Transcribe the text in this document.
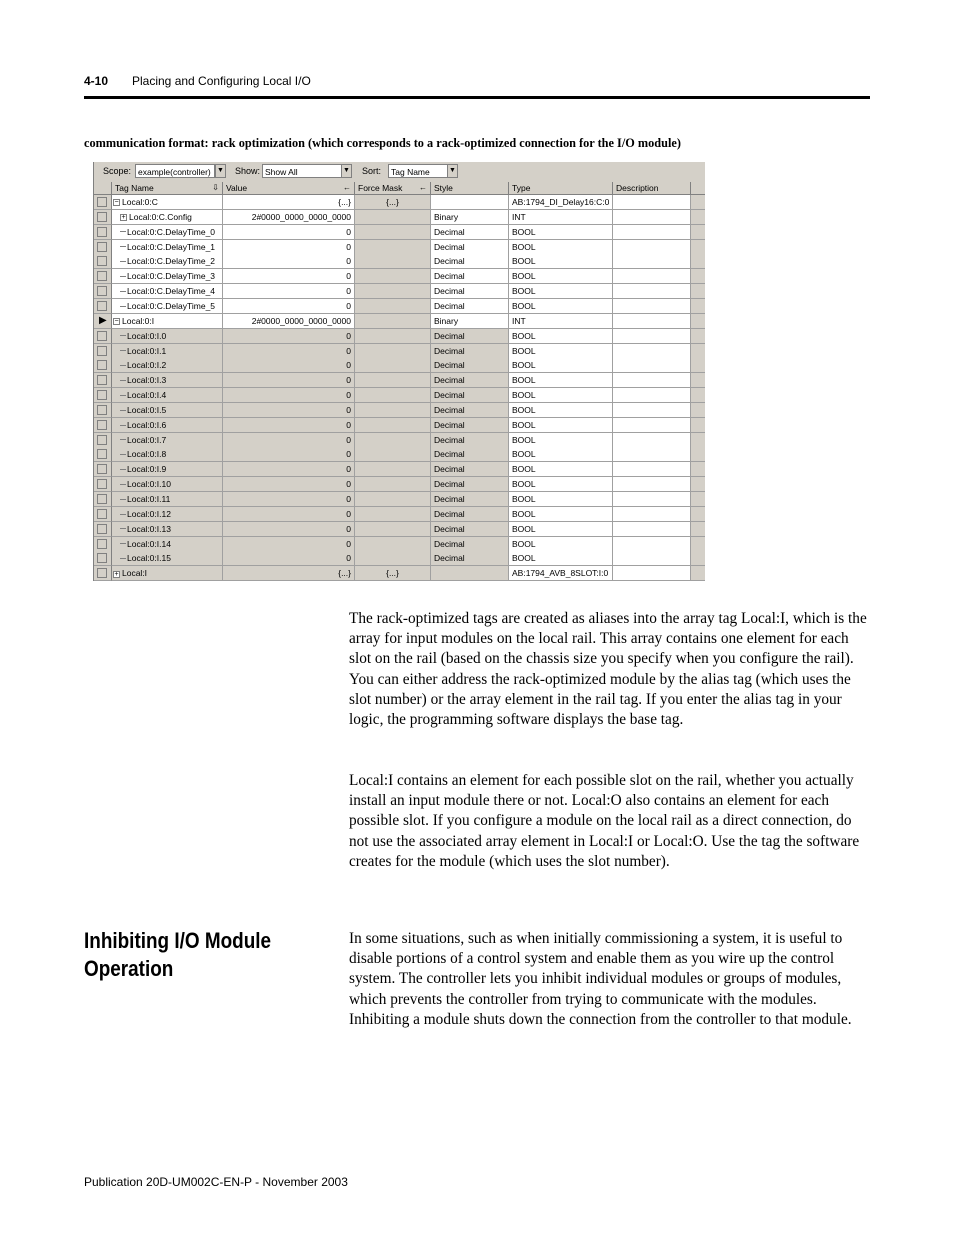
4-10 Placing and Configuring Local I/O
communication format: rack optimization (which corresponds to a rack-optimized connection for the I/O module)
Scope: example(controller) ▼ Show: Show All	▼ Sort:	Tag Name	▼
Tag Name	⇩ Value	← Force Mask ← Style	Type	Description
− Local:0:C	{...}	{...}	AB:1794_DI_Delay16:C:0
+ Local:0:C.Config	2#0000_0000_0000_0000	Binary	INT
Local:0:C.DelayTime_0	0	Decimal	BOOL
Local:0:C.DelayTime_1	0	Decimal	BOOL
Local:0:C.DelayTime_2	0	Decimal	BOOL
Local:0:C.DelayTime_3	0	Decimal	BOOL
Local:0:C.DelayTime_4	0	Decimal	BOOL
Local:0:C.DelayTime_5	0	Decimal	BOOL
▶ − Local:0:I	2#0000_0000_0000_0000	Binary	INT
Local:0:I.0	0	Decimal	BOOL
Local:0:I.1	0	Decimal	BOOL
Local:0:I.2	0	Decimal	BOOL
Local:0:I.3	0	Decimal	BOOL
Local:0:I.4	0	Decimal	BOOL
Local:0:I.5	0	Decimal	BOOL
Local:0:I.6	0	Decimal	BOOL
Local:0:I.7	0	Decimal	BOOL
Local:0:I.8	0	Decimal	BOOL
Local:0:I.9	0	Decimal	BOOL
Local:0:I.10	0	Decimal	BOOL
Local:0:I.11	0	Decimal	BOOL
Local:0:I.12	0	Decimal	BOOL
Local:0:I.13	0	Decimal	BOOL
Local:0:I.14	0	Decimal	BOOL
Local:0:I.15	0	Decimal	BOOL
+ Local:I	{...}	{...}	AB:1794_AVB_8SLOT:I:0
The rack-optimized tags are created as aliases into the array tag Local:I, which is the array for input modules on the local rail. This array contains one element for each slot on the rail (based on the chassis size you specify when you configure the rail). You can either address the rack-optimized module by the alias tag (which uses the slot number) or the array element in the rail tag. If you enter the alias tag in your logic, the programming software displays the base tag.
Local:I contains an element for each possible slot on the rail, whether you actually install an input module there or not. Local:O also contains an element for each possible slot. If you configure a module on the local rail as a direct connection, do not use the associated array element in Local:I or Local:O. Use the tag the software creates for the module (which uses the slot number).
Inhibiting I/O Module Operation
In some situations, such as when initially commissioning a system, it is useful to disable portions of a control system and enable them as you wire up the control system. The controller lets you inhibit individual modules or groups of modules, which prevents the controller from trying to communicate with the modules. Inhibiting a module shuts down the connection from the controller to that module.
Publication 20D-UM002C-EN-P - November 2003
